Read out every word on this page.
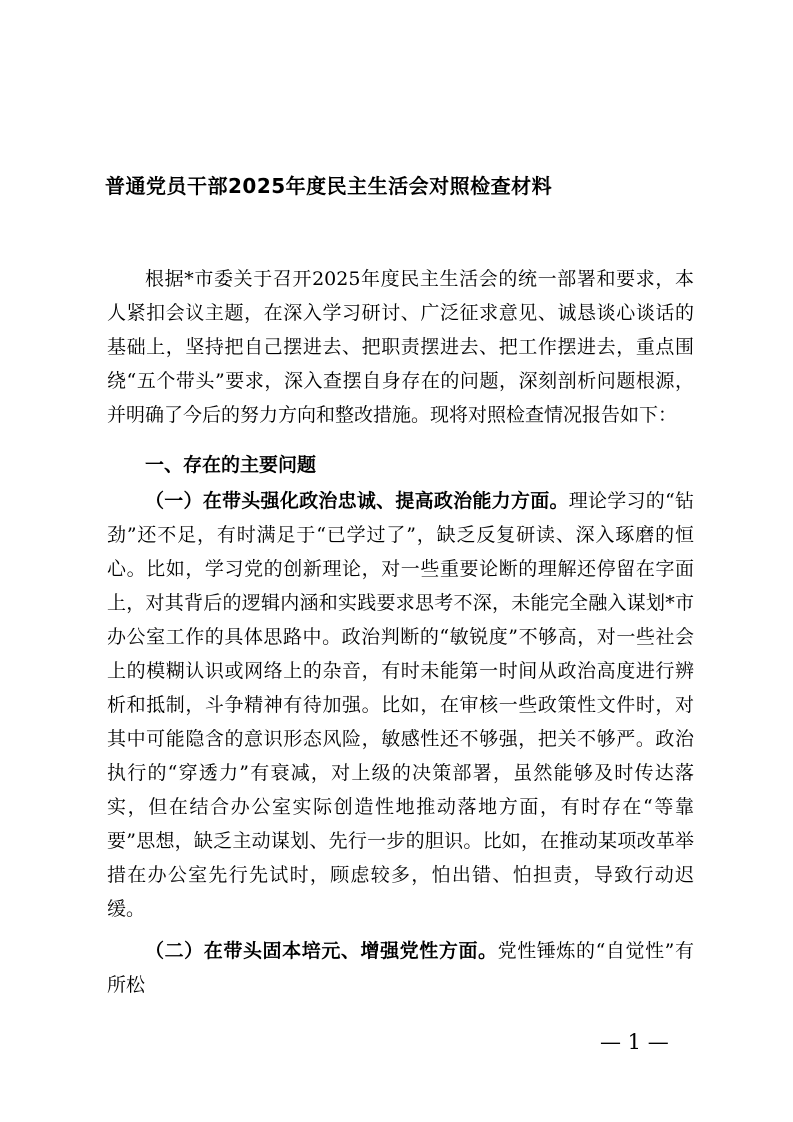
普通党员干部2025年度民主生活会对照检查材料

根据*市委关于召开2025年度民主生活会的统一部署和要求，本人紧扣会议主题，在深入学习研讨、广泛征求意见、诚恳谈心谈话的基础上，坚持把自己摆进去、把职责摆进去、把工作摆进去，重点围绕“五个带头”要求，深入查摆自身存在的问题，深刻剖析问题根源，并明确了今后的努力方向和整改措施。现将对照检查情况报告如下：

一、存在的主要问题

（一）在带头强化政治忠诚、提高政治能力方面。理论学习的“钻劲”还不足，有时满足于“已学过了”，缺乏反复研读、深入琢磨的恒心。比如，学习党的创新理论，对一些重要论断的理解还停留在字面上，对其背后的逻辑内涵和实践要求思考不深，未能完全融入谋划*市办公室工作的具体思路中。政治判断的“敏锐度”不够高，对一些社会上的模糊认识或网络上的杂音，有时未能第一时间从政治高度进行辨析和抵制，斗争精神有待加强。比如，在审核一些政策性文件时，对其中可能隐含的意识形态风险，敏感性还不够强，把关不够严。政治执行的“穿透力”有衰减，对上级的决策部署，虽然能够及时传达落实，但在结合办公室实际创造性地推动落地方面，有时存在“等靠要”思想，缺乏主动谋划、先行一步的胆识。比如，在推动某项改革举措在办公室先行先试时，顾虑较多，怕出错、怕担责，导致行动迟缓。

（二）在带头固本培元、增强党性方面。党性锤炼的“自觉性”有所松

— 1 —
